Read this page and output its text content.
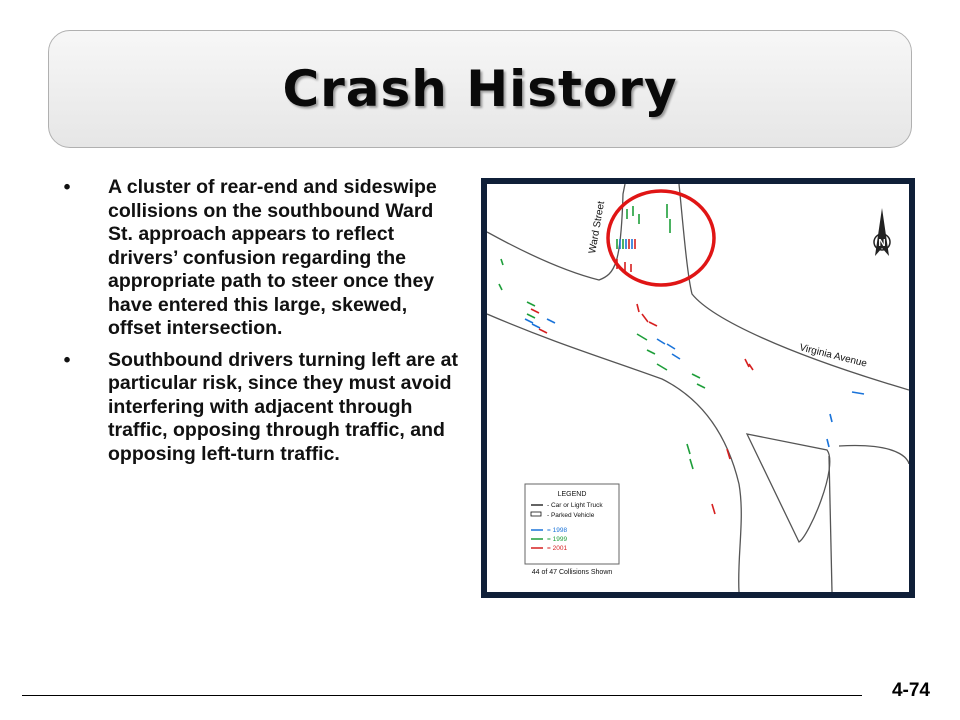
Crash History
• A cluster of rear-end and sideswipe collisions on the southbound Ward St. approach appears to reflect drivers’ confusion regarding the appropriate path to steer once they have entered this large, skewed, offset intersection.
• Southbound drivers turning left are at particular risk, since they must avoid interfering with adjacent through traffic, opposing through traffic, and opposing left-turn traffic.
Ward Street
Virginia Avenue
N
LEGEND
- Car or Light Truck
- Parked Vehicle
= 1998
= 1999
= 2001
44 of 47 Collisions Shown
4-74
